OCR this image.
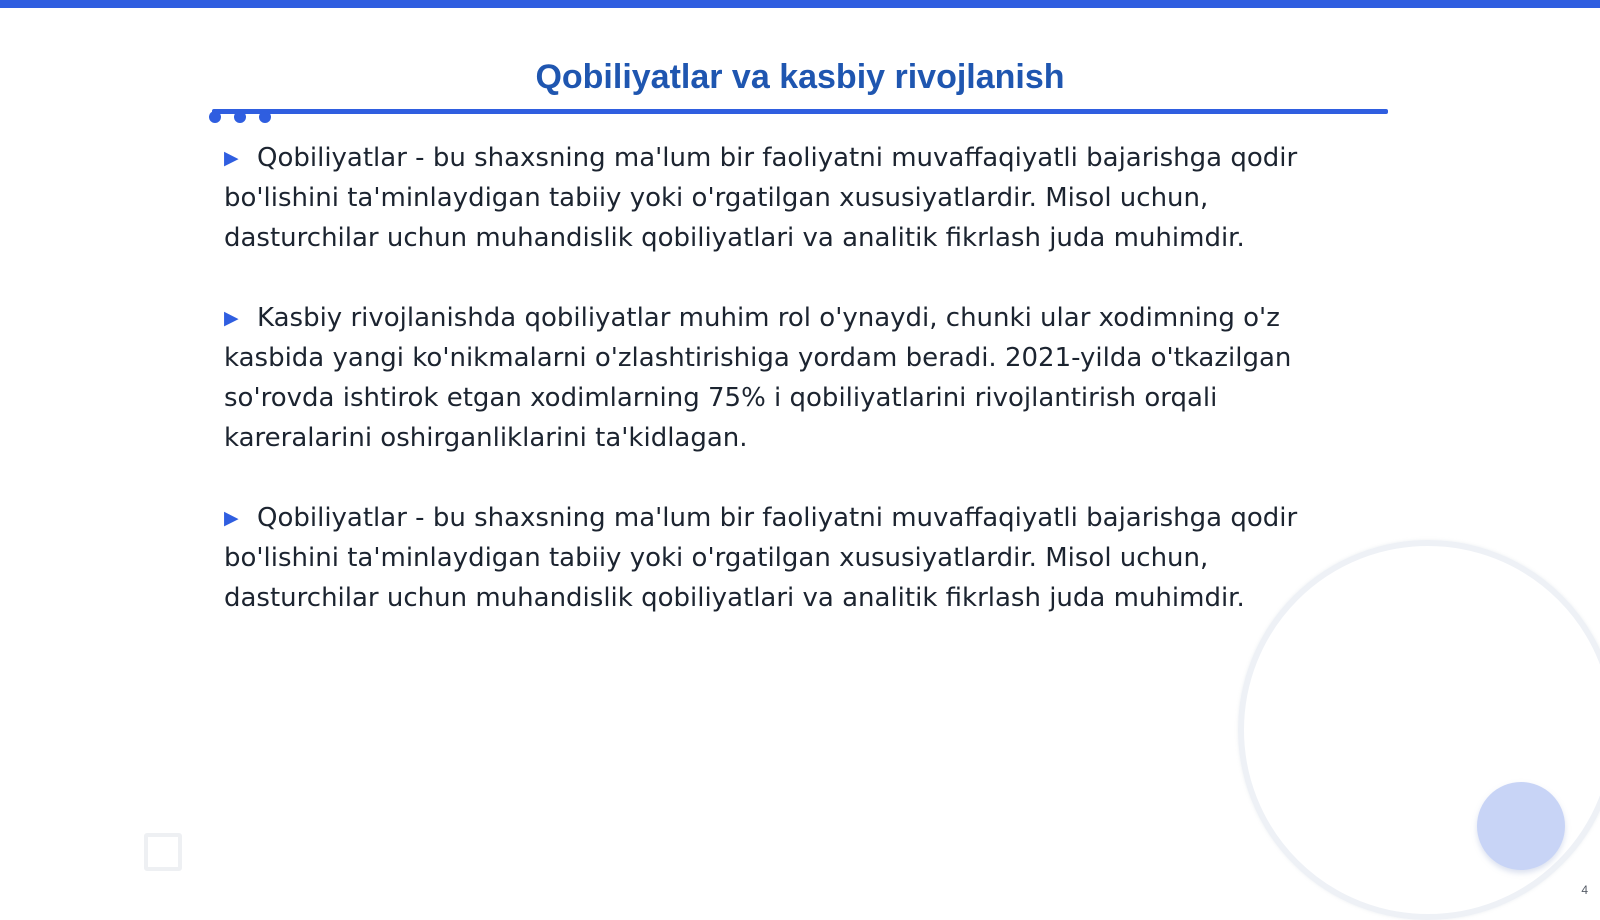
Qobiliyatlar va kasbiy rivojlanish
▶ Qobiliyatlar - bu shaxsning ma'lum bir faoliyatni muvaffaqiyatli bajarishga qodir bo'lishini ta'minlaydigan tabiiy yoki o'rgatilgan xususiyatlardir. Misol uchun, dasturchilar uchun muhandislik qobiliyatlari va analitik fikrlash juda muhimdir.
▶ Kasbiy rivojlanishda qobiliyatlar muhim rol o'ynaydi, chunki ular xodimning o'z kasbida yangi ko'nikmalarni o'zlashtirishiga yordam beradi. 2021-yilda o'tkazilgan so'rovda ishtirok etgan xodimlarning 75% i qobiliyatlarini rivojlantirish orqali kareralarini oshirganliklarini ta'kidlagan.
▶ Qobiliyatlar - bu shaxsning ma'lum bir faoliyatni muvaffaqiyatli bajarishga qodir bo'lishini ta'minlaydigan tabiiy yoki o'rgatilgan xususiyatlardir. Misol uchun, dasturchilar uchun muhandislik qobiliyatlari va analitik fikrlash juda muhimdir.
4
